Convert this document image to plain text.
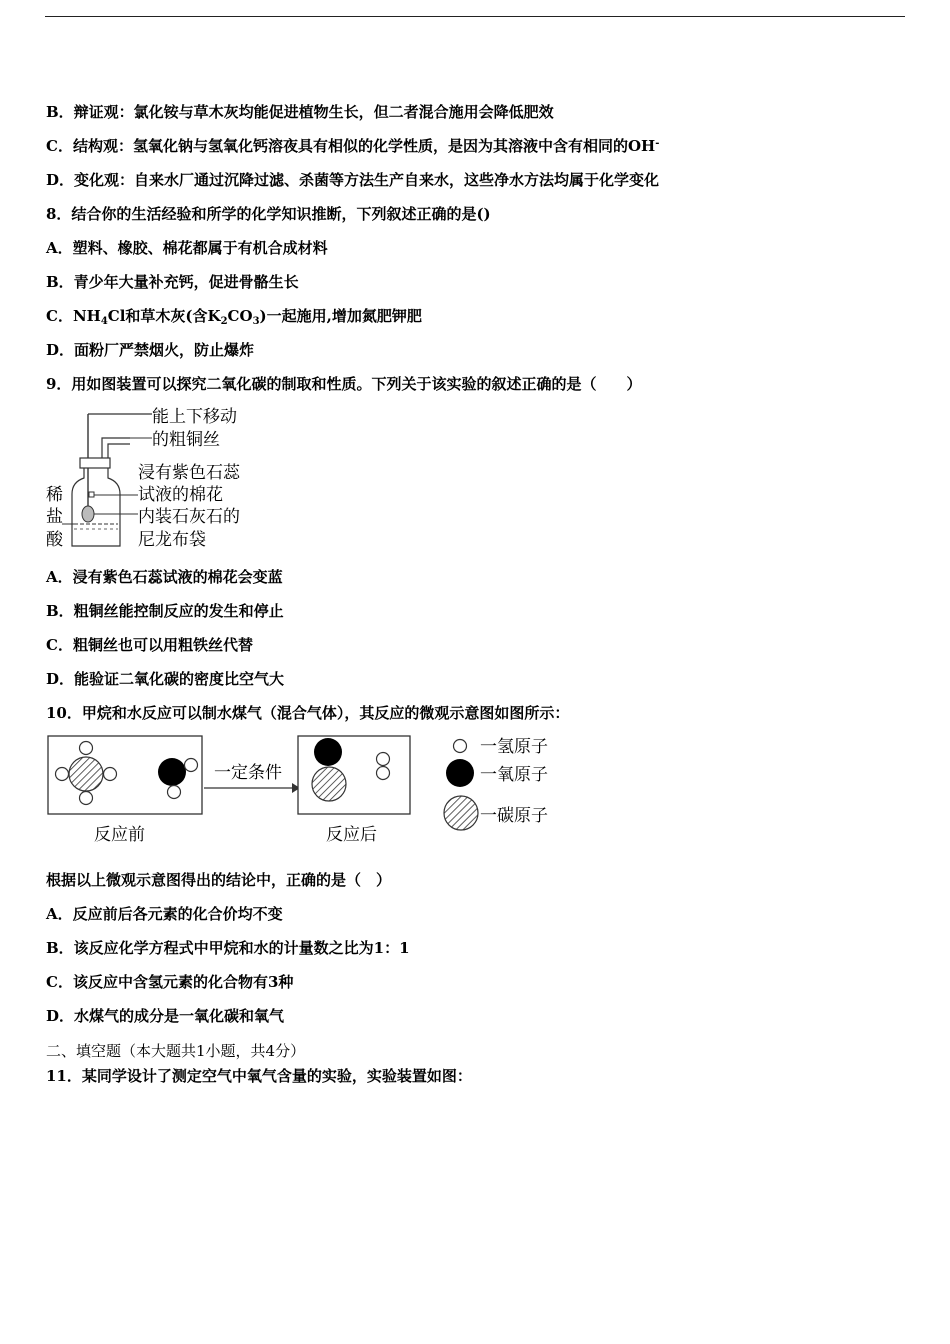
B．辩证观：氯化铵与草木灰均能促进植物生长，但二者混合施用会降低肥效
C．结构观：氢氧化钠与氢氧化钙溶夜具有相似的化学性质，是因为其溶液中含有相同的OH-
D．变化观：自来水厂通过沉降过滤、杀菌等方法生产自来水，这些净水方法均属于化学变化
8．结合你的生活经验和所学的化学知识推断，下列叙述正确的是()
A．塑料、橡胶、棉花都属于有机合成材料
B．青少年大量补充钙，促进骨骼生长
C．$NH_4Cl$和草木灰(含$K_2CO_3$)一起施用,增加氮肥钾肥
D．面粉厂严禁烟火，防止爆炸
9．用如图装置可以探究二氧化碳的制取和性质。下列关于该实验的叙述正确的是（　　）
能上下移动
的粗铜丝
浸有紫色石蕊
试液的棉花
内装石灰石的
尼龙布袋
稀
盐
酸
A．浸有紫色石蕊试液的棉花会变蓝
B．粗铜丝能控制反应的发生和停止
C．粗铜丝也可以用粗铁丝代替
D．能验证二氧化碳的密度比空气大
10．甲烷和水反应可以制水煤气（混合气体），其反应的微观示意图如图所示：
一定条件
反应前	反应后
一氢原子
一氧原子
一碳原子
根据以上微观示意图得出的结论中，正确的是（　）
A．反应前后各元素的化合价均不变
B．该反应化学方程式中甲烷和水的计量数之比为1：1
C．该反应中含氢元素的化合物有3种
D．水煤气的成分是一氧化碳和氧气
二、填空题（本大题共1小题，共4分）
11．某同学设计了测定空气中氧气含量的实验，实验装置如图：
